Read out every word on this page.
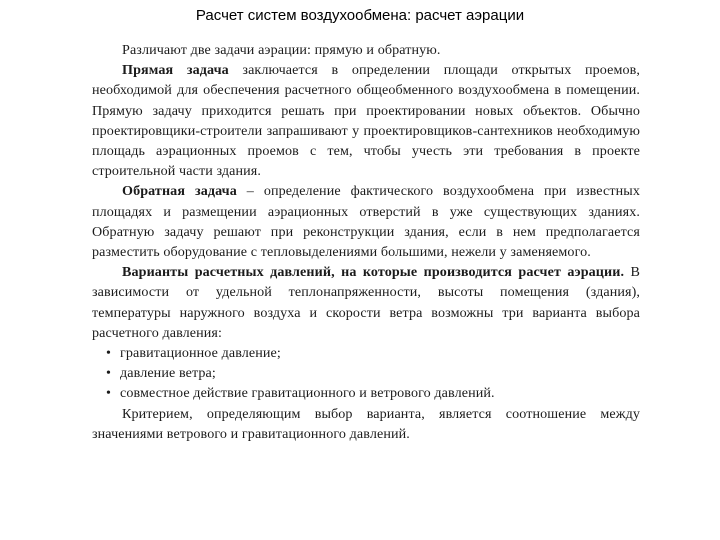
Расчет систем воздухообмена: расчет аэрации

Различают две задачи аэрации: прямую и обратную.

Прямая задача заключается в определении площади открытых проемов, необходимой для обеспечения расчетного общеобменного воздухообмена в помещении. Прямую задачу приходится решать при проектировании новых объектов. Обычно проектировщики-строители запрашивают у проектировщиков-сантехников необходимую площадь аэрационных проемов с тем, чтобы учесть эти требования в проекте строительной части здания.

Обратная задача – определение фактического воздухообмена при известных площадях и размещении аэрационных отверстий в уже существующих зданиях. Обратную задачу решают при реконструкции здания, если в нем предполагается разместить оборудование с тепловыделениями большими, нежели у заменяемого.

Варианты расчетных давлений, на которые производится расчет аэрации. В зависимости от удельной теплонапряженности, высоты помещения (здания), температуры наружного воздуха и скорости ветра возможны три варианта выбора расчетного давления:

• гравитационное давление;
• давление ветра;
• совместное действие гравитационного и ветрового давлений.

Критерием, определяющим выбор варианта, является соотношение между значениями ветрового и гравитационного давлений.
